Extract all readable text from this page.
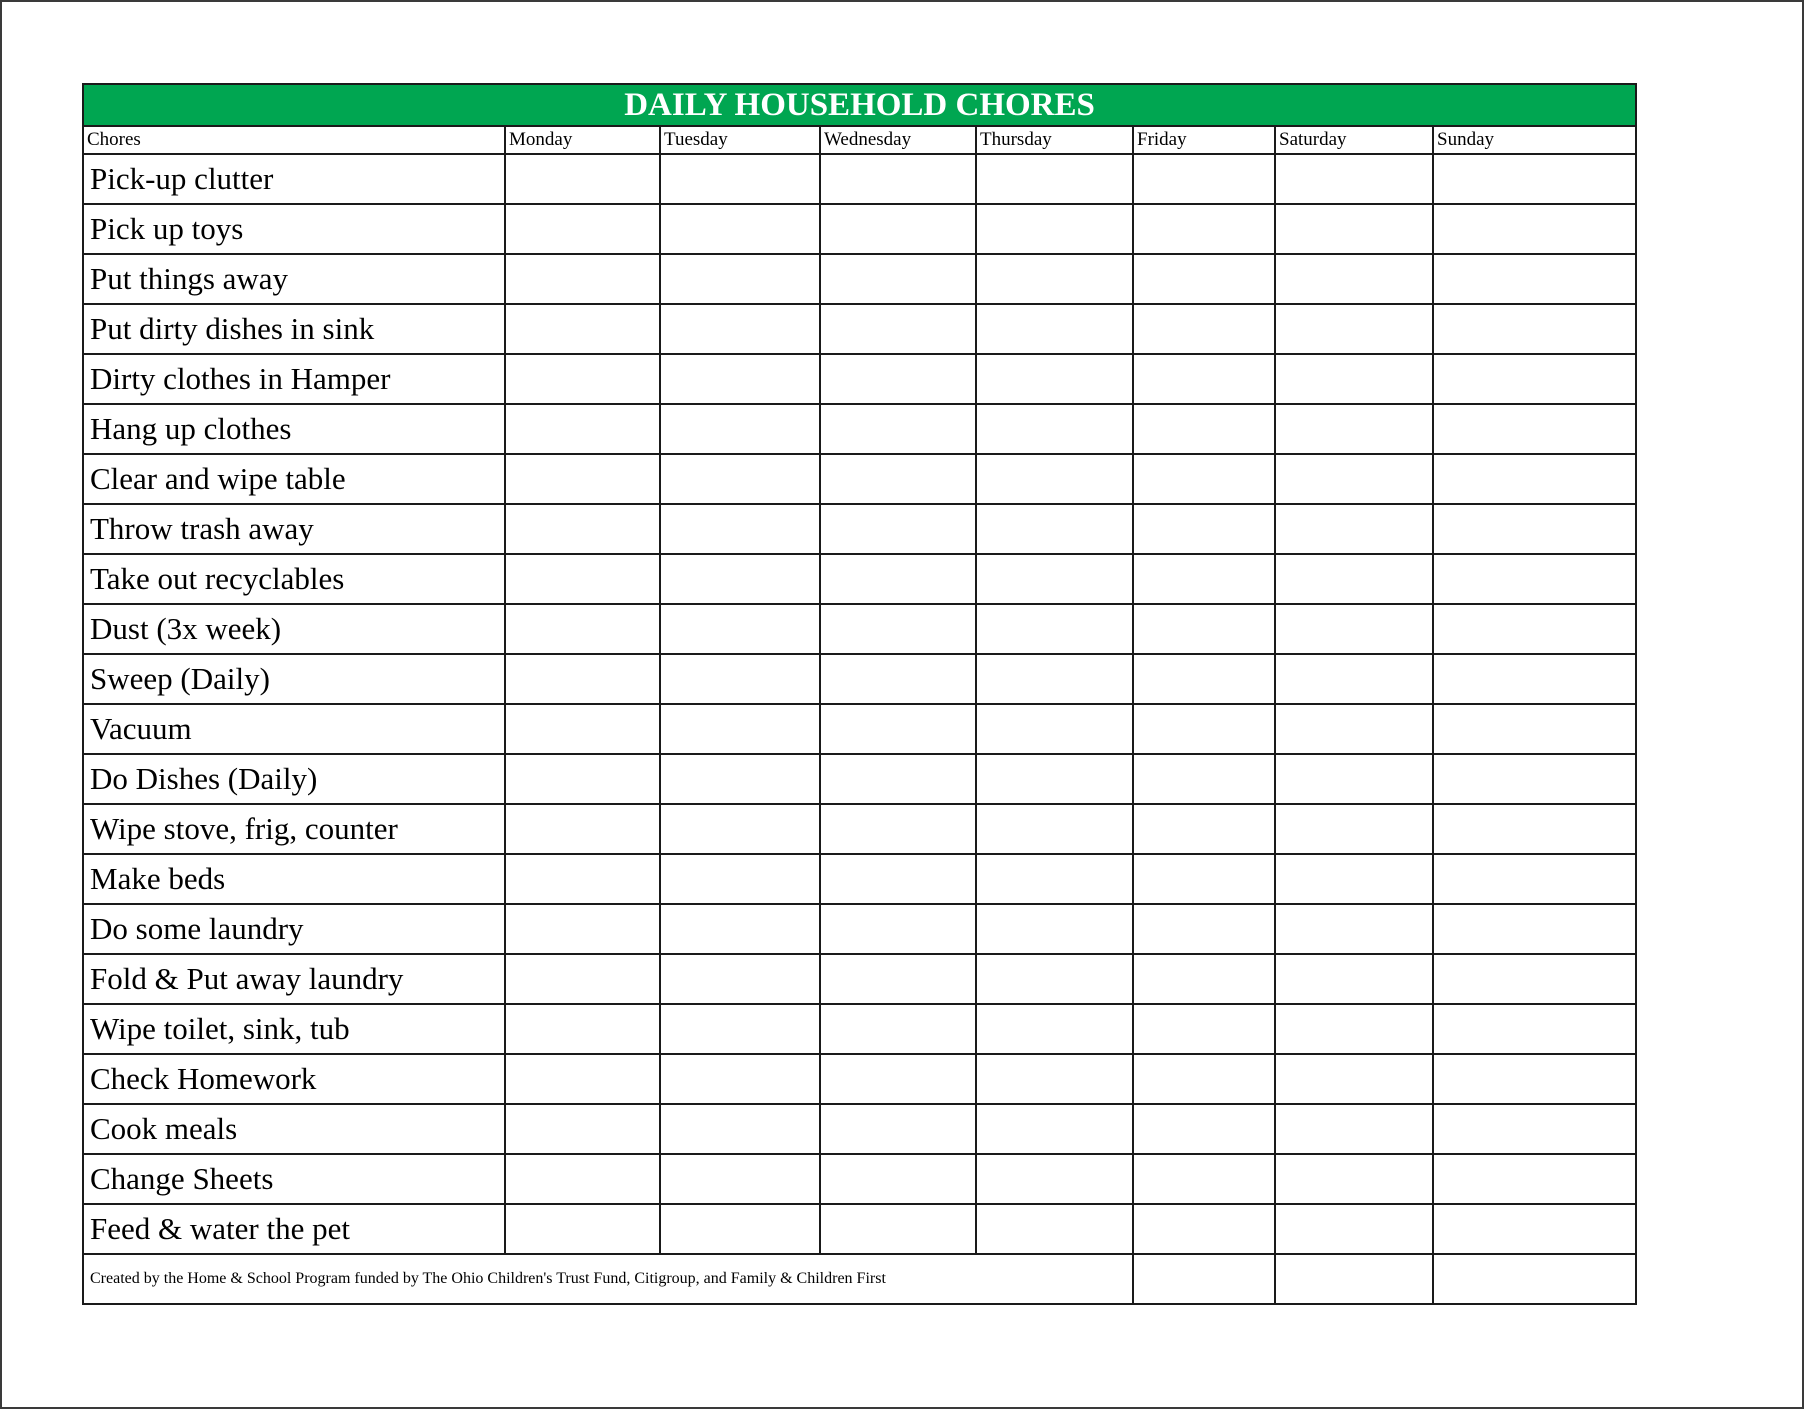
DAILY HOUSEHOLD CHORES							
Chores	Monday	Tuesday	Wednesday	Thursday	Friday	Saturday	Sunday
Pick-up clutter							
Pick up toys							
Put things away							
Put dirty dishes in sink							
Dirty clothes in Hamper							
Hang up clothes							
Clear and wipe table							
Throw trash away							
Take out recyclables							
Dust (3x week)							
Sweep (Daily)							
Vacuum							
Do Dishes (Daily)							
Wipe stove, frig, counter							
Make beds							
Do some laundry							
Fold & Put away laundry							
Wipe toilet, sink, tub							
Check Homework							
Cook meals							
Change Sheets							
Feed & water the pet							
Created by the Home & School Program funded by The Ohio Children's Trust Fund, Citigroup, and Family & Children First							
